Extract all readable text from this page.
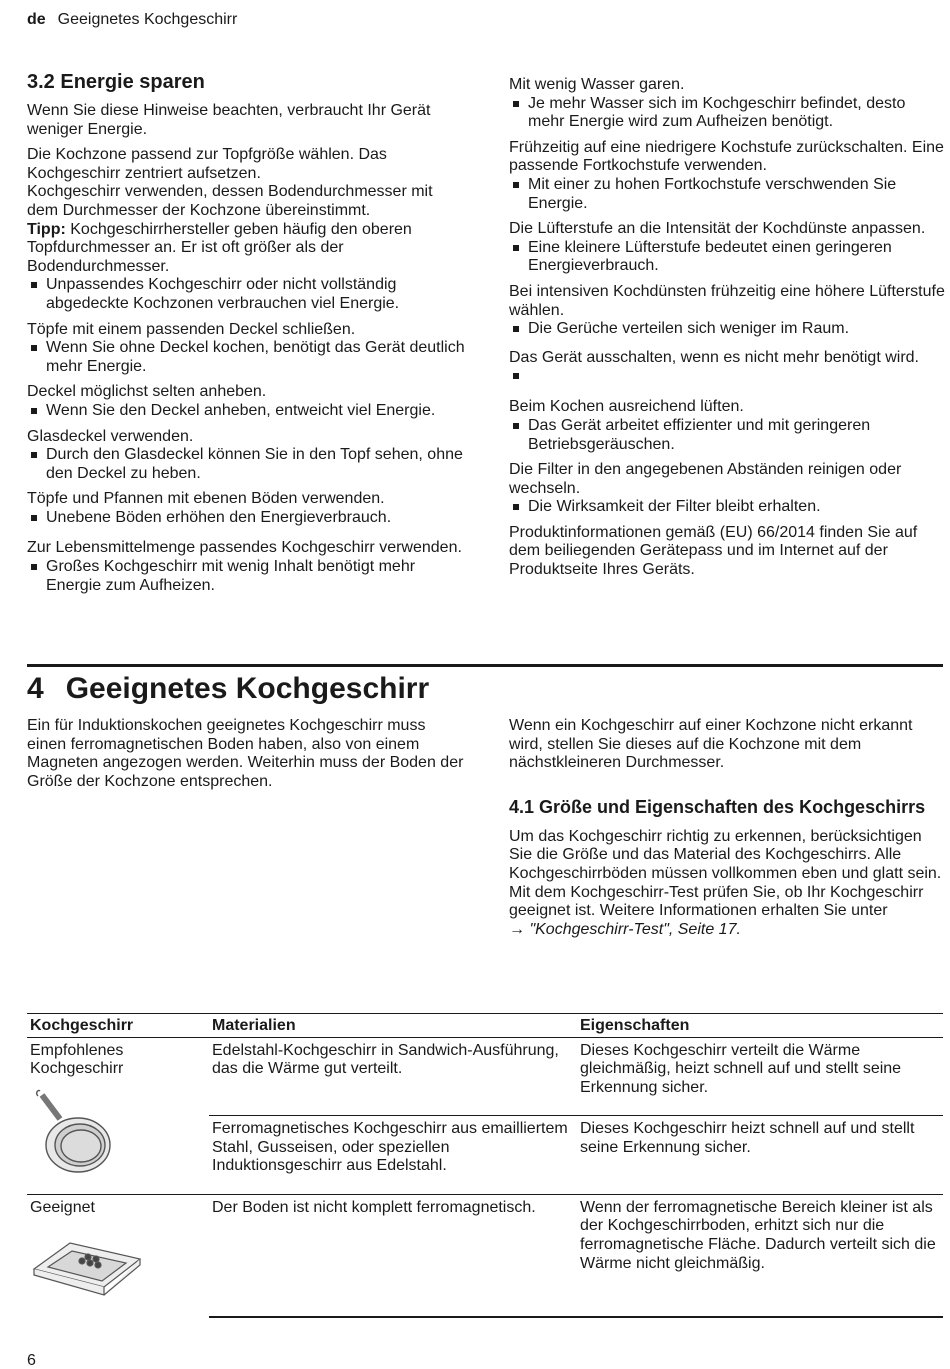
de Geeignetes Kochgeschirr
3.2 Energie sparen

Wenn Sie diese Hinweise beachten, verbraucht Ihr Gerät weniger Energie.

Die Kochzone passend zur Topfgröße wählen. Das Kochgeschirr zentriert aufsetzen.

Kochgeschirr verwenden, dessen Bodendurchmesser mit dem Durchmesser der Kochzone übereinstimmt.

Tipp: Kochgeschirrhersteller geben häufig den oberen Topfdurchmesser an. Er ist oft größer als der Bodendurchmesser.

Unpassendes Kochgeschirr oder nicht vollständig abgedeckte Kochzonen verbrauchen viel Energie.

Töpfe mit einem passenden Deckel schließen.

Wenn Sie ohne Deckel kochen, benötigt das Gerät deutlich mehr Energie.

Deckel möglichst selten anheben.

Wenn Sie den Deckel anheben, entweicht viel Energie.

Glasdeckel verwenden.

Durch den Glasdeckel können Sie in den Topf sehen, ohne den Deckel zu heben.

Töpfe und Pfannen mit ebenen Böden verwenden.

Unebene Böden erhöhen den Energieverbrauch.

Zur Lebensmittelmenge passendes Kochgeschirr verwenden.

Großes Kochgeschirr mit wenig Inhalt benötigt mehr Energie zum Aufheizen.

Mit wenig Wasser garen.

Je mehr Wasser sich im Kochgeschirr befindet, desto mehr Energie wird zum Aufheizen benötigt.

Frühzeitig auf eine niedrigere Kochstufe zurückschalten. Eine passende Fortkochstufe verwenden.

Mit einer zu hohen Fortkochstufe verschwenden Sie Energie.

Die Lüfterstufe an die Intensität der Kochdünste anpassen.

Eine kleinere Lüfterstufe bedeutet einen geringeren Energieverbrauch.

Bei intensiven Kochdünsten frühzeitig eine höhere Lüfterstufe wählen.

Die Gerüche verteilen sich weniger im Raum.

Das Gerät ausschalten, wenn es nicht mehr benötigt wird.

Beim Kochen ausreichend lüften.

Das Gerät arbeitet effizienter und mit geringeren Betriebsgeräuschen.

Die Filter in den angegebenen Abständen reinigen oder wechseln.

Die Wirksamkeit der Filter bleibt erhalten.

Produktinformationen gemäß (EU) 66/2014 finden Sie auf dem beiliegenden Gerätepass und im Internet auf der Produktseite Ihres Geräts.

4 Geeignetes Kochgeschirr

Ein für Induktionskochen geeignetes Kochgeschirr muss einen ferromagnetischen Boden haben, also von einem Magneten angezogen werden. Weiterhin muss der Boden der Größe der Kochzone entsprechen.

Wenn ein Kochgeschirr auf einer Kochzone nicht erkannt wird, stellen Sie dieses auf die Kochzone mit dem nächstkleineren Durchmesser.

4.1 Größe und Eigenschaften des Kochgeschirrs

Um das Kochgeschirr richtig zu erkennen, berücksichtigen Sie die Größe und das Material des Kochgeschirrs. Alle Kochgeschirrböden müssen vollkommen eben und glatt sein.

Mit dem Kochgeschirr-Test prüfen Sie, ob Ihr Kochgeschirr geeignet ist. Weitere Informationen erhalten Sie unter

→ "Kochgeschirr-Test", Seite 17.

Kochgeschirr	Materialien	Eigenschaften

Empfohlenes Kochgeschirr	Edelstahl-Kochgeschirr in Sandwich-Ausführung, das die Wärme gut verteilt.	Dieses Kochgeschirr verteilt die Wärme gleichmäßig, heizt schnell auf und stellt seine Erkennung sicher.
	Ferromagnetisches Kochgeschirr aus emailliertem Stahl, Gusseisen, oder speziellen Induktionsgeschirr aus Edelstahl.	Dieses Kochgeschirr heizt schnell auf und stellt seine Erkennung sicher.

Geeignet	Der Boden ist nicht komplett ferromagnetisch.	Wenn der ferromagnetische Bereich kleiner ist als der Kochgeschirrboden, erhitzt sich nur die ferromagnetische Fläche. Dadurch verteilt sich die Wärme nicht gleichmäßig.
6
